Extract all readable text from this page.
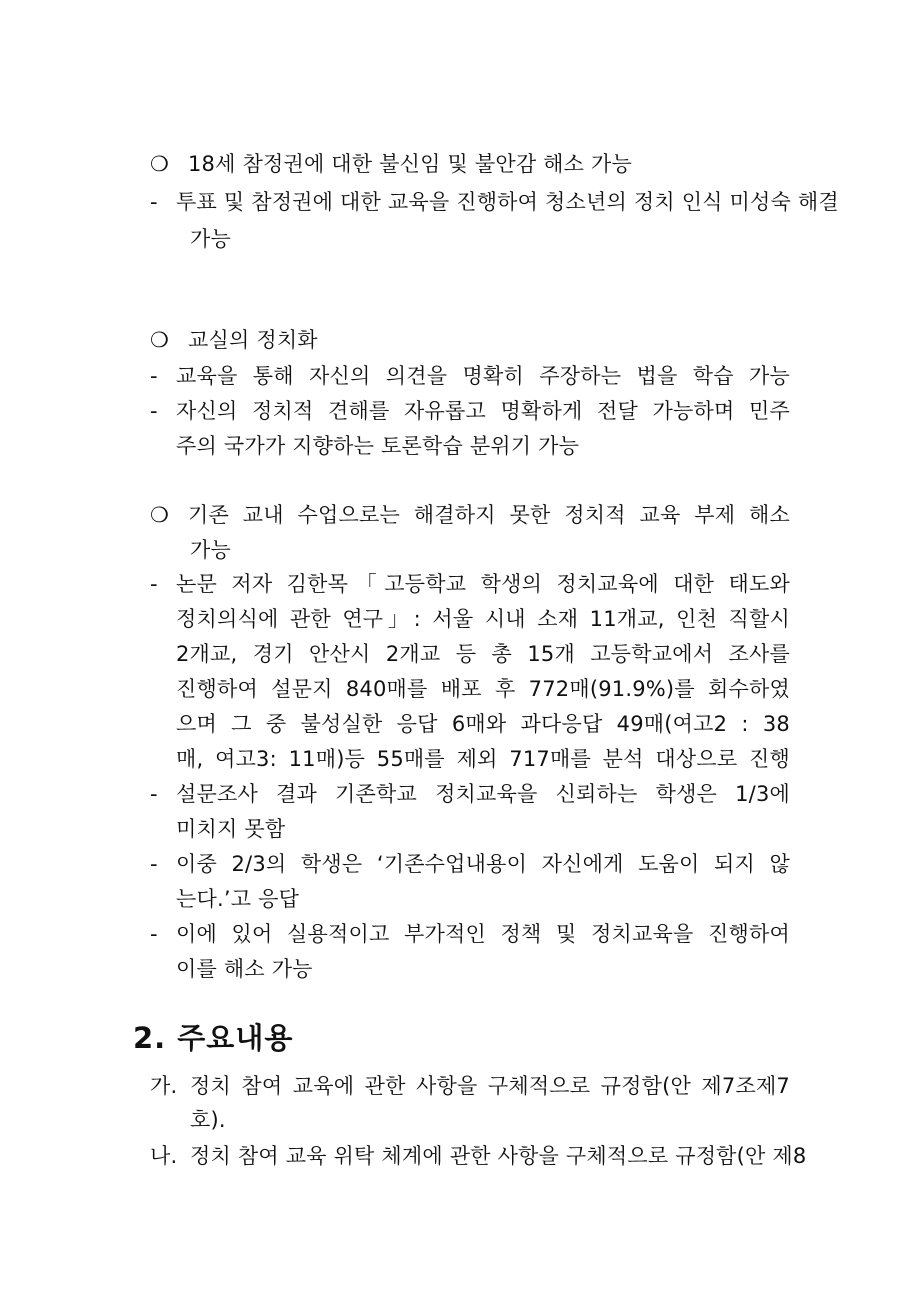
❍ 18세 참정권에 대한 불신임 및 불안감 해소 가능
- 투표 및 참정권에 대한 교육을 진행하여 청소년의 정치 인식 미성숙 해결
가능
❍ 교실의 정치화
- 교육을 통해 자신의 의견을 명확히 주장하는 법을 학습 가능
- 자신의 정치적 견해를 자유롭고 명확하게 전달 가능하며 민주
주의 국가가 지향하는 토론학습 분위기 가능
❍ 기존 교내 수업으로는 해결하지 못한 정치적 교육 부제 해소
가능
- 논문 저자 김한목「고등학교 학생의 정치교육에 대한 태도와
정치의식에 관한 연구」: 서울 시내 소재 11개교, 인천 직할시
2개교, 경기 안산시 2개교 등 총 15개 고등학교에서 조사를
진행하여 설문지 840매를 배포 후 772매(91.9%)를 회수하였
으며 그 중 불성실한 응답 6매와 과다응답 49매(여고2 : 38
매, 여고3: 11매)등 55매를 제외 717매를 분석 대상으로 진행
- 설문조사 결과 기존학교 정치교육을 신뢰하는 학생은 1/3에
미치지 못함
- 이중 2/3의 학생은 ‘기존수업내용이 자신에게 도움이 되지 않
는다.’고 응답
- 이에 있어 실용적이고 부가적인 정책 및 정치교육을 진행하여
이를 해소 가능
2. 주요내용
가. 정치 참여 교육에 관한 사항을 구체적으로 규정함(안 제7조제7
호).
나. 정치 참여 교육 위탁 체계에 관한 사항을 구체적으로 규정함(안 제8
